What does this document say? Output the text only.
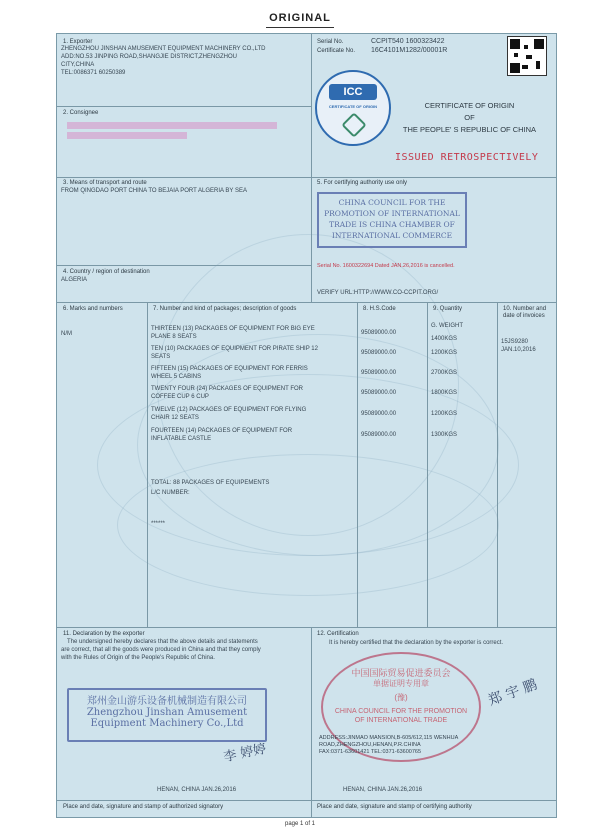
ORIGINAL
1. Exporter
ZHENGZHOU JINSHAN AMUSEMENT EQUIPMENT MACHINERY CO.,LTD
ADD:NO.53 JINPING ROAD,SHANGJIE DISTRICT,ZHENGZHOU
CITY,CHINA
TEL:0086371 60250389
2. Consignee
Serial No.	CCPIT540 1600323422
Certificate No. 16C4101M1282/00001R
ICC
CERTIFICATE OF ORIGIN	CERTIFICATE OF ORIGIN
OF
THE PEOPLE' S REPUBLIC OF CHINA
ISSUED RETROSPECTIVELY
3. Means of transport and route
FROM QINGDAO PORT CHINA TO BEJAIA PORT ALGERIA BY SEA
4. Country / region of destination
ALGERIA
5. For certifying authority use only
CHINA COUNCIL FOR THE
PROMOTION OF INTERNATIONAL
TRADE IS CHINA CHAMBER OF
INTERNATIONAL COMMERCE
Serial No. 1600322694 Dated JAN.26,2016 is cancelled.
VERIFY URL:HTTP://WWW.CO-CCPIT.ORG/
6. Marks and numbers	7. Number and kind of packages; description of goods	8. H.S.Code	9. Quantity	10. Number and date of invoices
N/M
G. WEIGHT
15JS9280
JAN.10,2016
THIRTEEN (13) PACKAGES OF EQUIPMENT FOR BIG EYE
PLANE 8 SEATS
95089000.00
1400KGS
TEN (10) PACKAGES OF EQUIPMENT FOR PIRATE SHIP 12
SEATS
95089000.00	1200KGS
FIFTEEN (15) PACKAGES OF EQUIPMENT FOR FERRIS
WHEEL 5 CABINS
95089000.00	2700KGS
TWENTY FOUR (24) PACKAGES OF EQUIPMENT FOR
COFFEE CUP 6 CUP
95089000.00	1800KGS
TWELVE (12) PACKAGES OF EQUIPMENT FOR FLYING
CHAIR 12 SEATS
95089000.00	1200KGS
FOURTEEN (14) PACKAGES OF EQUIPMENT FOR
INFLATABLE CASTLE
95089000.00	1300KGS
TOTAL: 88 PACKAGES OF EQUIPEMENTS
L/C NUMBER:
******
11. Declaration by the exporter
The undersigned hereby declares that the above details and statements
are correct, that all the goods were produced in China and that they comply
with the Rules of Origin of the People's Republic of China.
郑州金山游乐设备机械制造有限公司
Zhengzhou Jinshan Amusement
Equipment Machinery Co.,Ltd
李 婷婷
HENAN, CHINA JAN.26,2016
Place and date, signature and stamp of authorized signatory
12. Certification
It is hereby certified that the declaration by the exporter is correct.
中国国际贸易促进委员会
单据证明专用章
(豫)
CHINA COUNCIL FOR THE PROMOTION
OF INTERNATIONAL TRADE
郑 宇 鹏
ADDRESS:JINMAO MANSION,B-605/612,115 WENHUA
ROAD,ZHENGZHOU,HENAN,P.R.CHINA
FAX:0371-63601421 TEL:0371-63600765
HENAN, CHINA JAN.26,2016
Place and date, signature and stamp of certifying authority
page 1 of 1
